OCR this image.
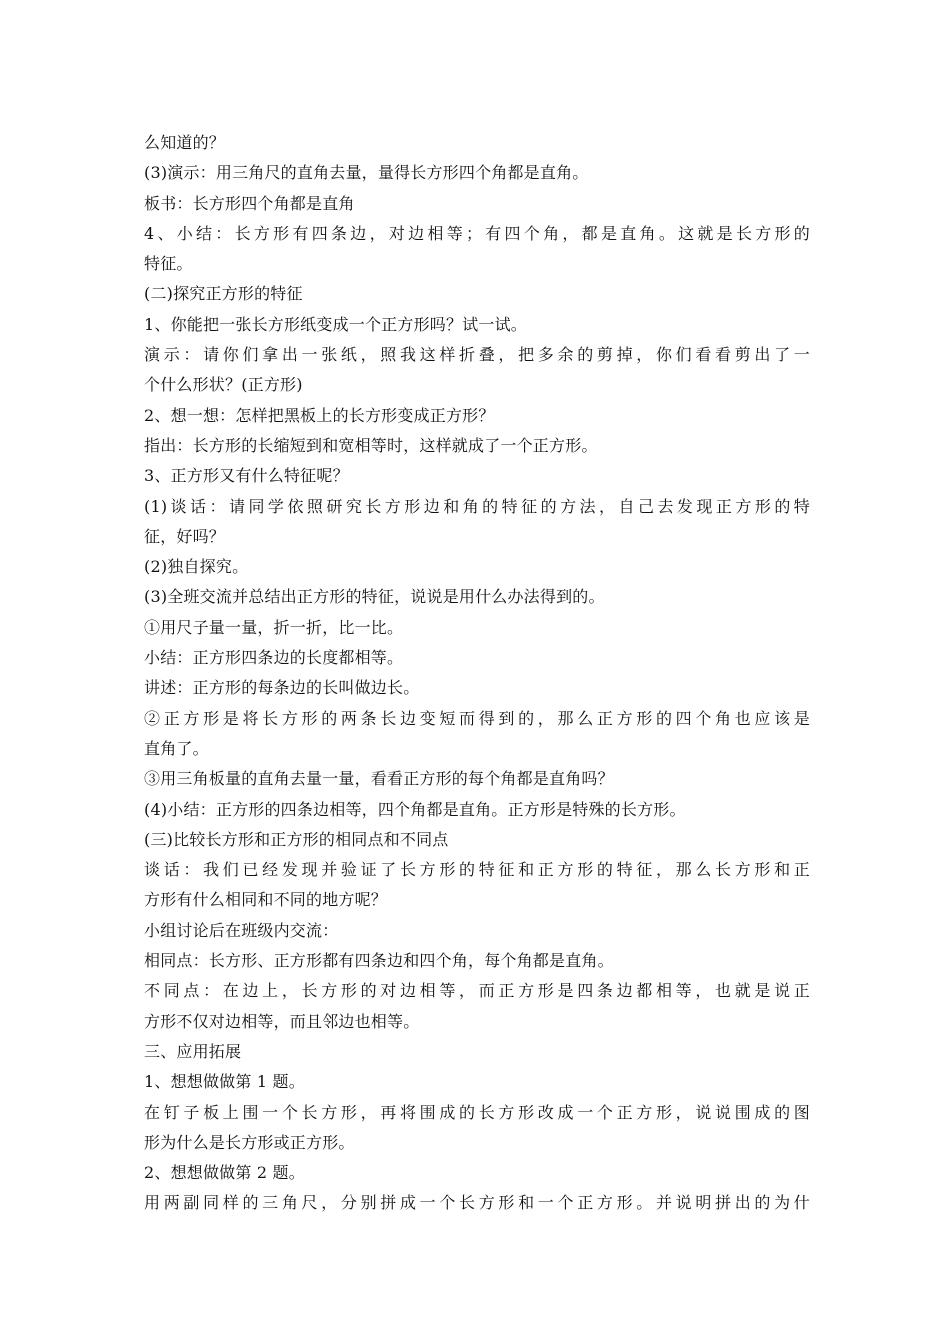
么知道的？

(3)演示：用三角尺的直角去量，量得长方形四个角都是直角。

板书：长方形四个角都是直角

4、小结：长方形有四条边，对边相等；有四个角，都是直角。这就是长方形的

特征。

(二)探究正方形的特征

1、你能把一张长方形纸变成一个正方形吗？试一试。

演示：请你们拿出一张纸，照我这样折叠，把多余的剪掉，你们看看剪出了一

个什么形状？(正方形)

2、想一想：怎样把黑板上的长方形变成正方形？

指出：长方形的长缩短到和宽相等时，这样就成了一个正方形。

3、正方形又有什么特征呢？

(1)谈话：请同学依照研究长方形边和角的特征的方法，自己去发现正方形的特

征，好吗？

(2)独自探究。

(3)全班交流并总结出正方形的特征，说说是用什么办法得到的。

①用尺子量一量，折一折，比一比。

小结：正方形四条边的长度都相等。

讲述：正方形的每条边的长叫做边长。

②正方形是将长方形的两条长边变短而得到的，那么正方形的四个角也应该是

直角了。

③用三角板量的直角去量一量，看看正方形的每个角都是直角吗？

(4)小结：正方形的四条边相等，四个角都是直角。正方形是特殊的长方形。

(三)比较长方形和正方形的相同点和不同点

谈话：我们已经发现并验证了长方形的特征和正方形的特征，那么长方形和正

方形有什么相同和不同的地方呢？

小组讨论后在班级内交流：

相同点：长方形、正方形都有四条边和四个角，每个角都是直角。

不同点：在边上，长方形的对边相等，而正方形是四条边都相等，也就是说正

方形不仅对边相等，而且邻边也相等。

三、应用拓展

1、想想做做第 1 题。

在钉子板上围一个长方形，再将围成的长方形改成一个正方形，说说围成的图

形为什么是长方形或正方形。

2、想想做做第 2 题。

用两副同样的三角尺，分别拼成一个长方形和一个正方形。并说明拼出的为什
